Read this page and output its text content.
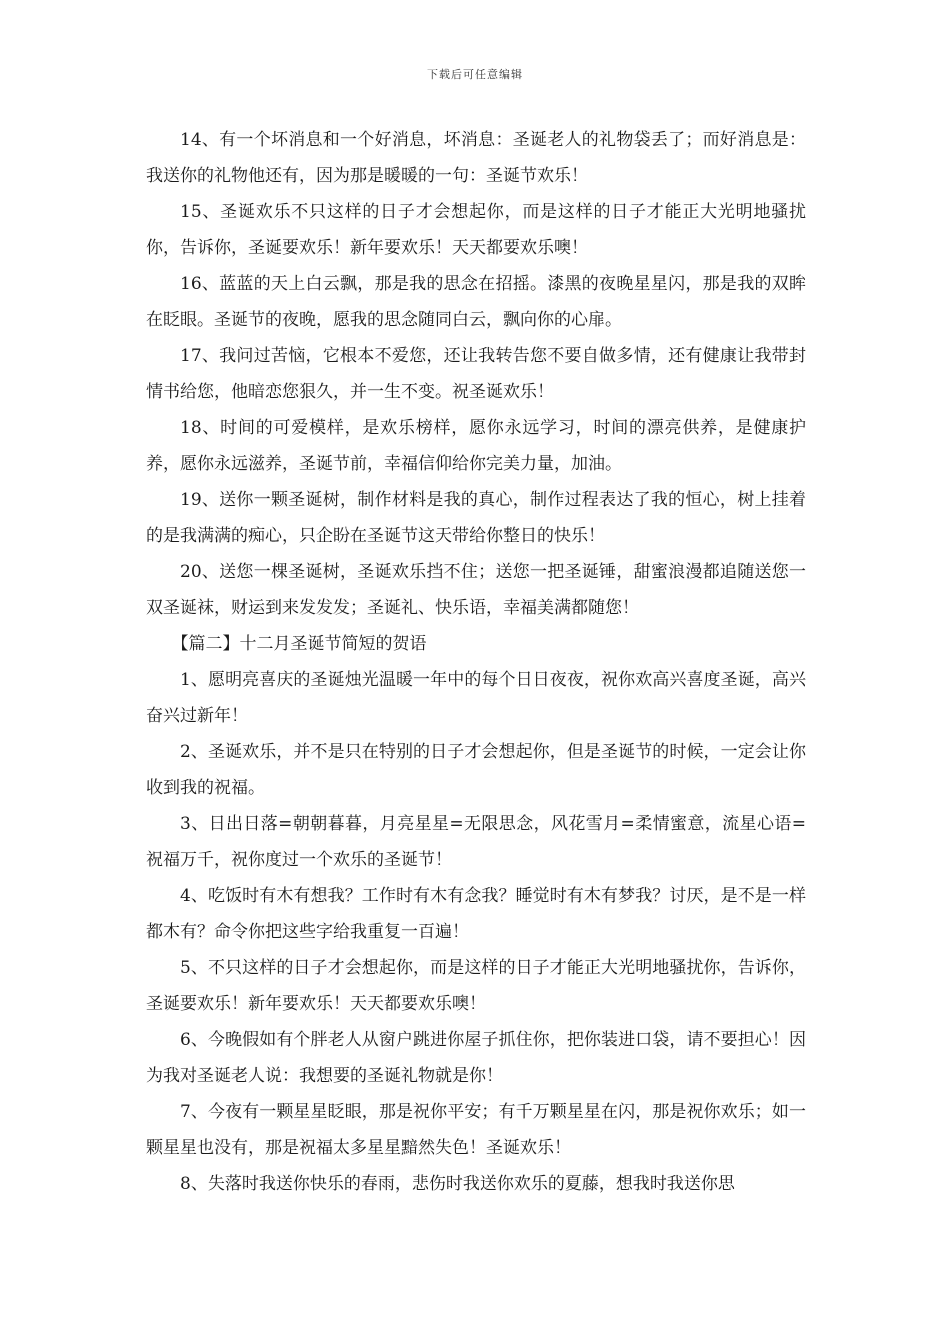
下载后可任意编辑

14、有一个坏消息和一个好消息，坏消息：圣诞老人的礼物袋丢了；而好消息是：我送你的礼物他还有，因为那是暖暖的一句：圣诞节欢乐！

15、圣诞欢乐不只这样的日子才会想起你，而是这样的日子才能正大光明地骚扰你，告诉你，圣诞要欢乐！新年要欢乐！天天都要欢乐噢！

16、蓝蓝的天上白云飘，那是我的思念在招摇。漆黑的夜晚星星闪，那是我的双眸在眨眼。圣诞节的夜晚，愿我的思念随同白云，飘向你的心扉。

17、我问过苦恼，它根本不爱您，还让我转告您不要自做多情，还有健康让我带封情书给您，他暗恋您狠久，并一生不变。祝圣诞欢乐！

18、时间的可爱模样，是欢乐榜样，愿你永远学习，时间的漂亮供养，是健康护养，愿你永远滋养，圣诞节前，幸福信仰给你完美力量，加油。

19、送你一颗圣诞树，制作材料是我的真心，制作过程表达了我的恒心，树上挂着的是我满满的痴心，只企盼在圣诞节这天带给你整日的快乐！

20、送您一棵圣诞树，圣诞欢乐挡不住；送您一把圣诞锤，甜蜜浪漫都追随送您一双圣诞袜，财运到来发发发；圣诞礼、快乐语，幸福美满都随您！

【篇二】十二月圣诞节简短的贺语

1、愿明亮喜庆的圣诞烛光温暖一年中的每个日日夜夜，祝你欢高兴喜度圣诞，高兴奋兴过新年！

2、圣诞欢乐，并不是只在特别的日子才会想起你，但是圣诞节的时候，一定会让你收到我的祝福。

3、日出日落=朝朝暮暮，月亮星星=无限思念，风花雪月=柔情蜜意，流星心语=祝福万千，祝你度过一个欢乐的圣诞节！

4、吃饭时有木有想我？工作时有木有念我？睡觉时有木有梦我？讨厌，是不是一样都木有？命令你把这些字给我重复一百遍！

5、不只这样的日子才会想起你，而是这样的日子才能正大光明地骚扰你，告诉你，圣诞要欢乐！新年要欢乐！天天都要欢乐噢！

6、今晚假如有个胖老人从窗户跳进你屋子抓住你，把你装进口袋，请不要担心！因为我对圣诞老人说：我想要的圣诞礼物就是你！

7、今夜有一颗星星眨眼，那是祝你平安；有千万颗星星在闪，那是祝你欢乐；如一颗星星也没有，那是祝福太多星星黯然失色！圣诞欢乐！

8、失落时我送你快乐的春雨，悲伤时我送你欢乐的夏藤，想我时我送你思
